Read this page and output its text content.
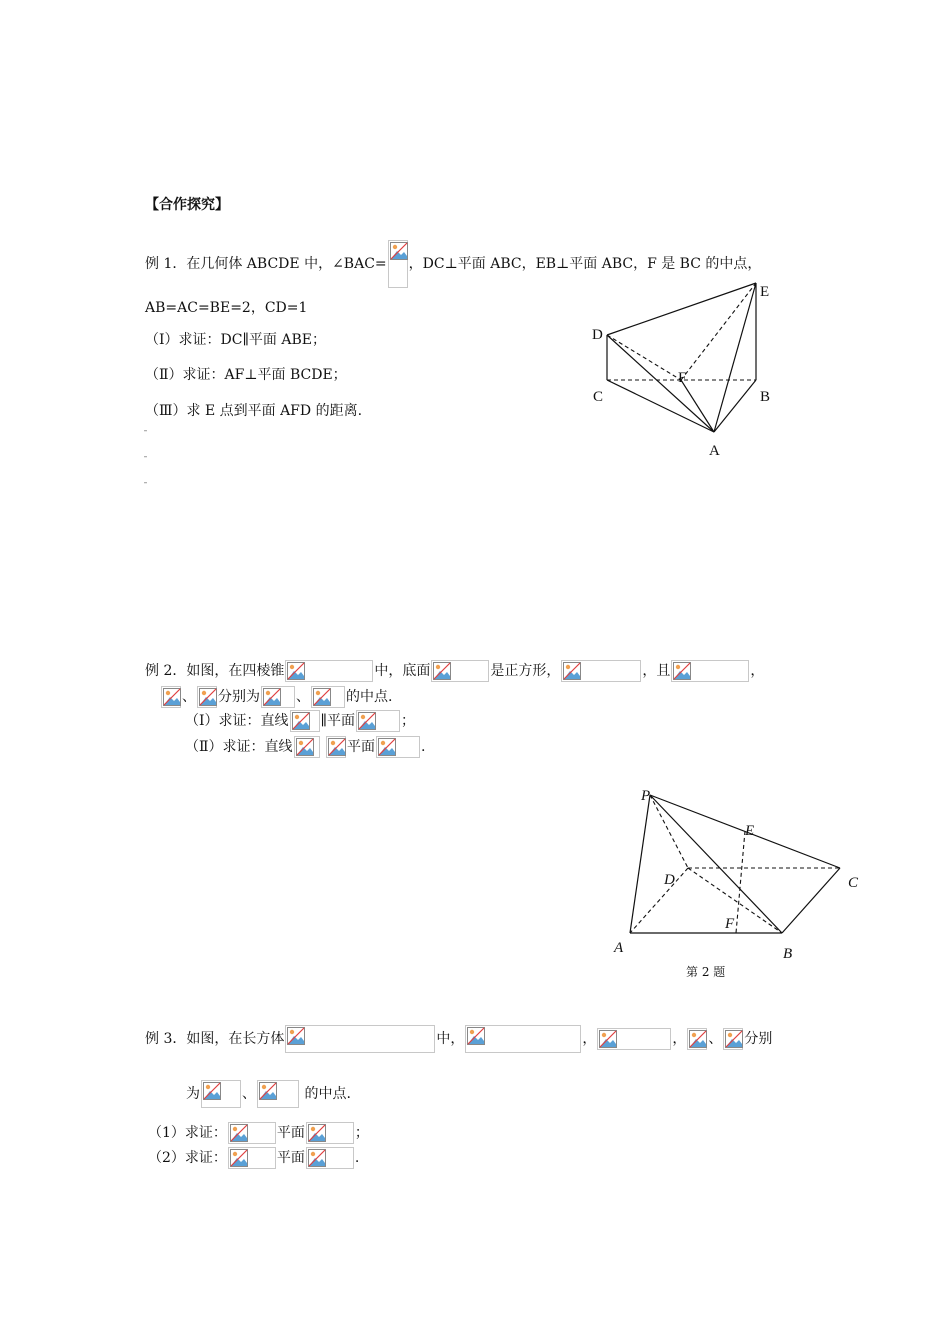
【合作探究】
例 1．在几何体 ABCDE 中，∠BAC= ，DC⊥平面 ABC，EB⊥平面 ABC，F 是 BC 的中点，
AB=AC=BE=2，CD=1
（Ⅰ）求证：DC∥平面 ABE；
（Ⅱ）求证：AF⊥平面 BCDE；
（Ⅲ）求 E 点到平面 AFD 的距离.
ˉ
ˉ
ˉ
E
D
F
C	B
A
例 2．如图，在四棱锥	中，底面	是正方形，	，且	，
、 分别为	、	的中点.
（Ⅰ）求证：直线 ∥平面	；
（Ⅱ）求证：直线
	平面	.
P
E
D	C
F
A	B
第 2 题
例 3．如图，在长方体	中，	，	， 、 分别
为	、	的中点.
（1）求证：	平面	；
（2）求证：	平面	.
